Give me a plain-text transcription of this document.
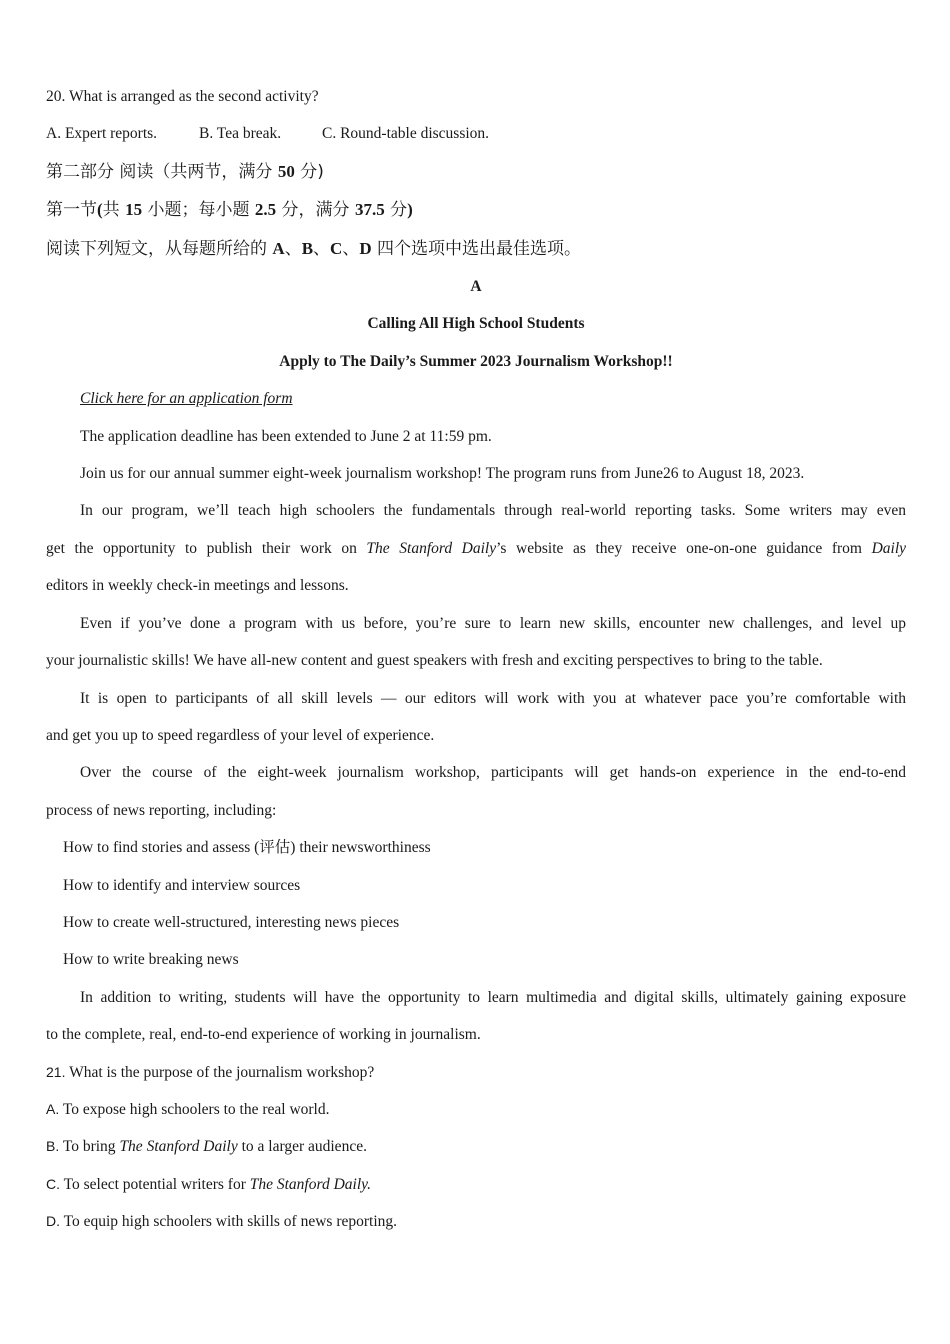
20. What is arranged as the second activity?

A. Expert reports.	B. Tea break.	C. Round-table discussion.

第二部分 阅读（共两节，满分 50 分)

第一节(共 15 小题；每小题 2.5 分，满分 37.5 分)

阅读下列短文，从每题所给的 A、B、C、D 四个选项中选出最佳选项。

A

Calling All High School Students

Apply to The Daily’s Summer 2023 Journalism Workshop!!

Click here for an application form

The application deadline has been extended to June 2 at 11:59 pm.

Join us for our annual summer eight-week journalism workshop! The program runs from June26 to August 18, 2023.

In our program, we’ll teach high schoolers the fundamentals through real-world reporting tasks. Some writers may even

get the opportunity to publish their work on The Stanford Daily’s website as they receive one-on-one guidance from Daily

editors in weekly check-in meetings and lessons.

Even if you’ve done a program with us before, you’re sure to learn new skills, encounter new challenges, and level up

your journalistic skills! We have all-new content and guest speakers with fresh and exciting perspectives to bring to the table.

It is open to participants of all skill levels — our editors will work with you at whatever pace you’re comfortable with

and get you up to speed regardless of your level of experience.

Over the course of the eight-week journalism workshop, participants will get hands-on experience in the end-to-end

process of news reporting, including:

How to find stories and assess (评估) their newsworthiness

How to identify and interview sources

How to create well-structured, interesting news pieces

How to write breaking news

In addition to writing, students will have the opportunity to learn multimedia and digital skills, ultimately gaining exposure

to the complete, real, end-to-end experience of working in journalism.

21. What is the purpose of the journalism workshop?

A. To expose high schoolers to the real world.

B. To bring The Stanford Daily to a larger audience.

C. To select potential writers for The Stanford Daily.

D. To equip high schoolers with skills of news reporting.
